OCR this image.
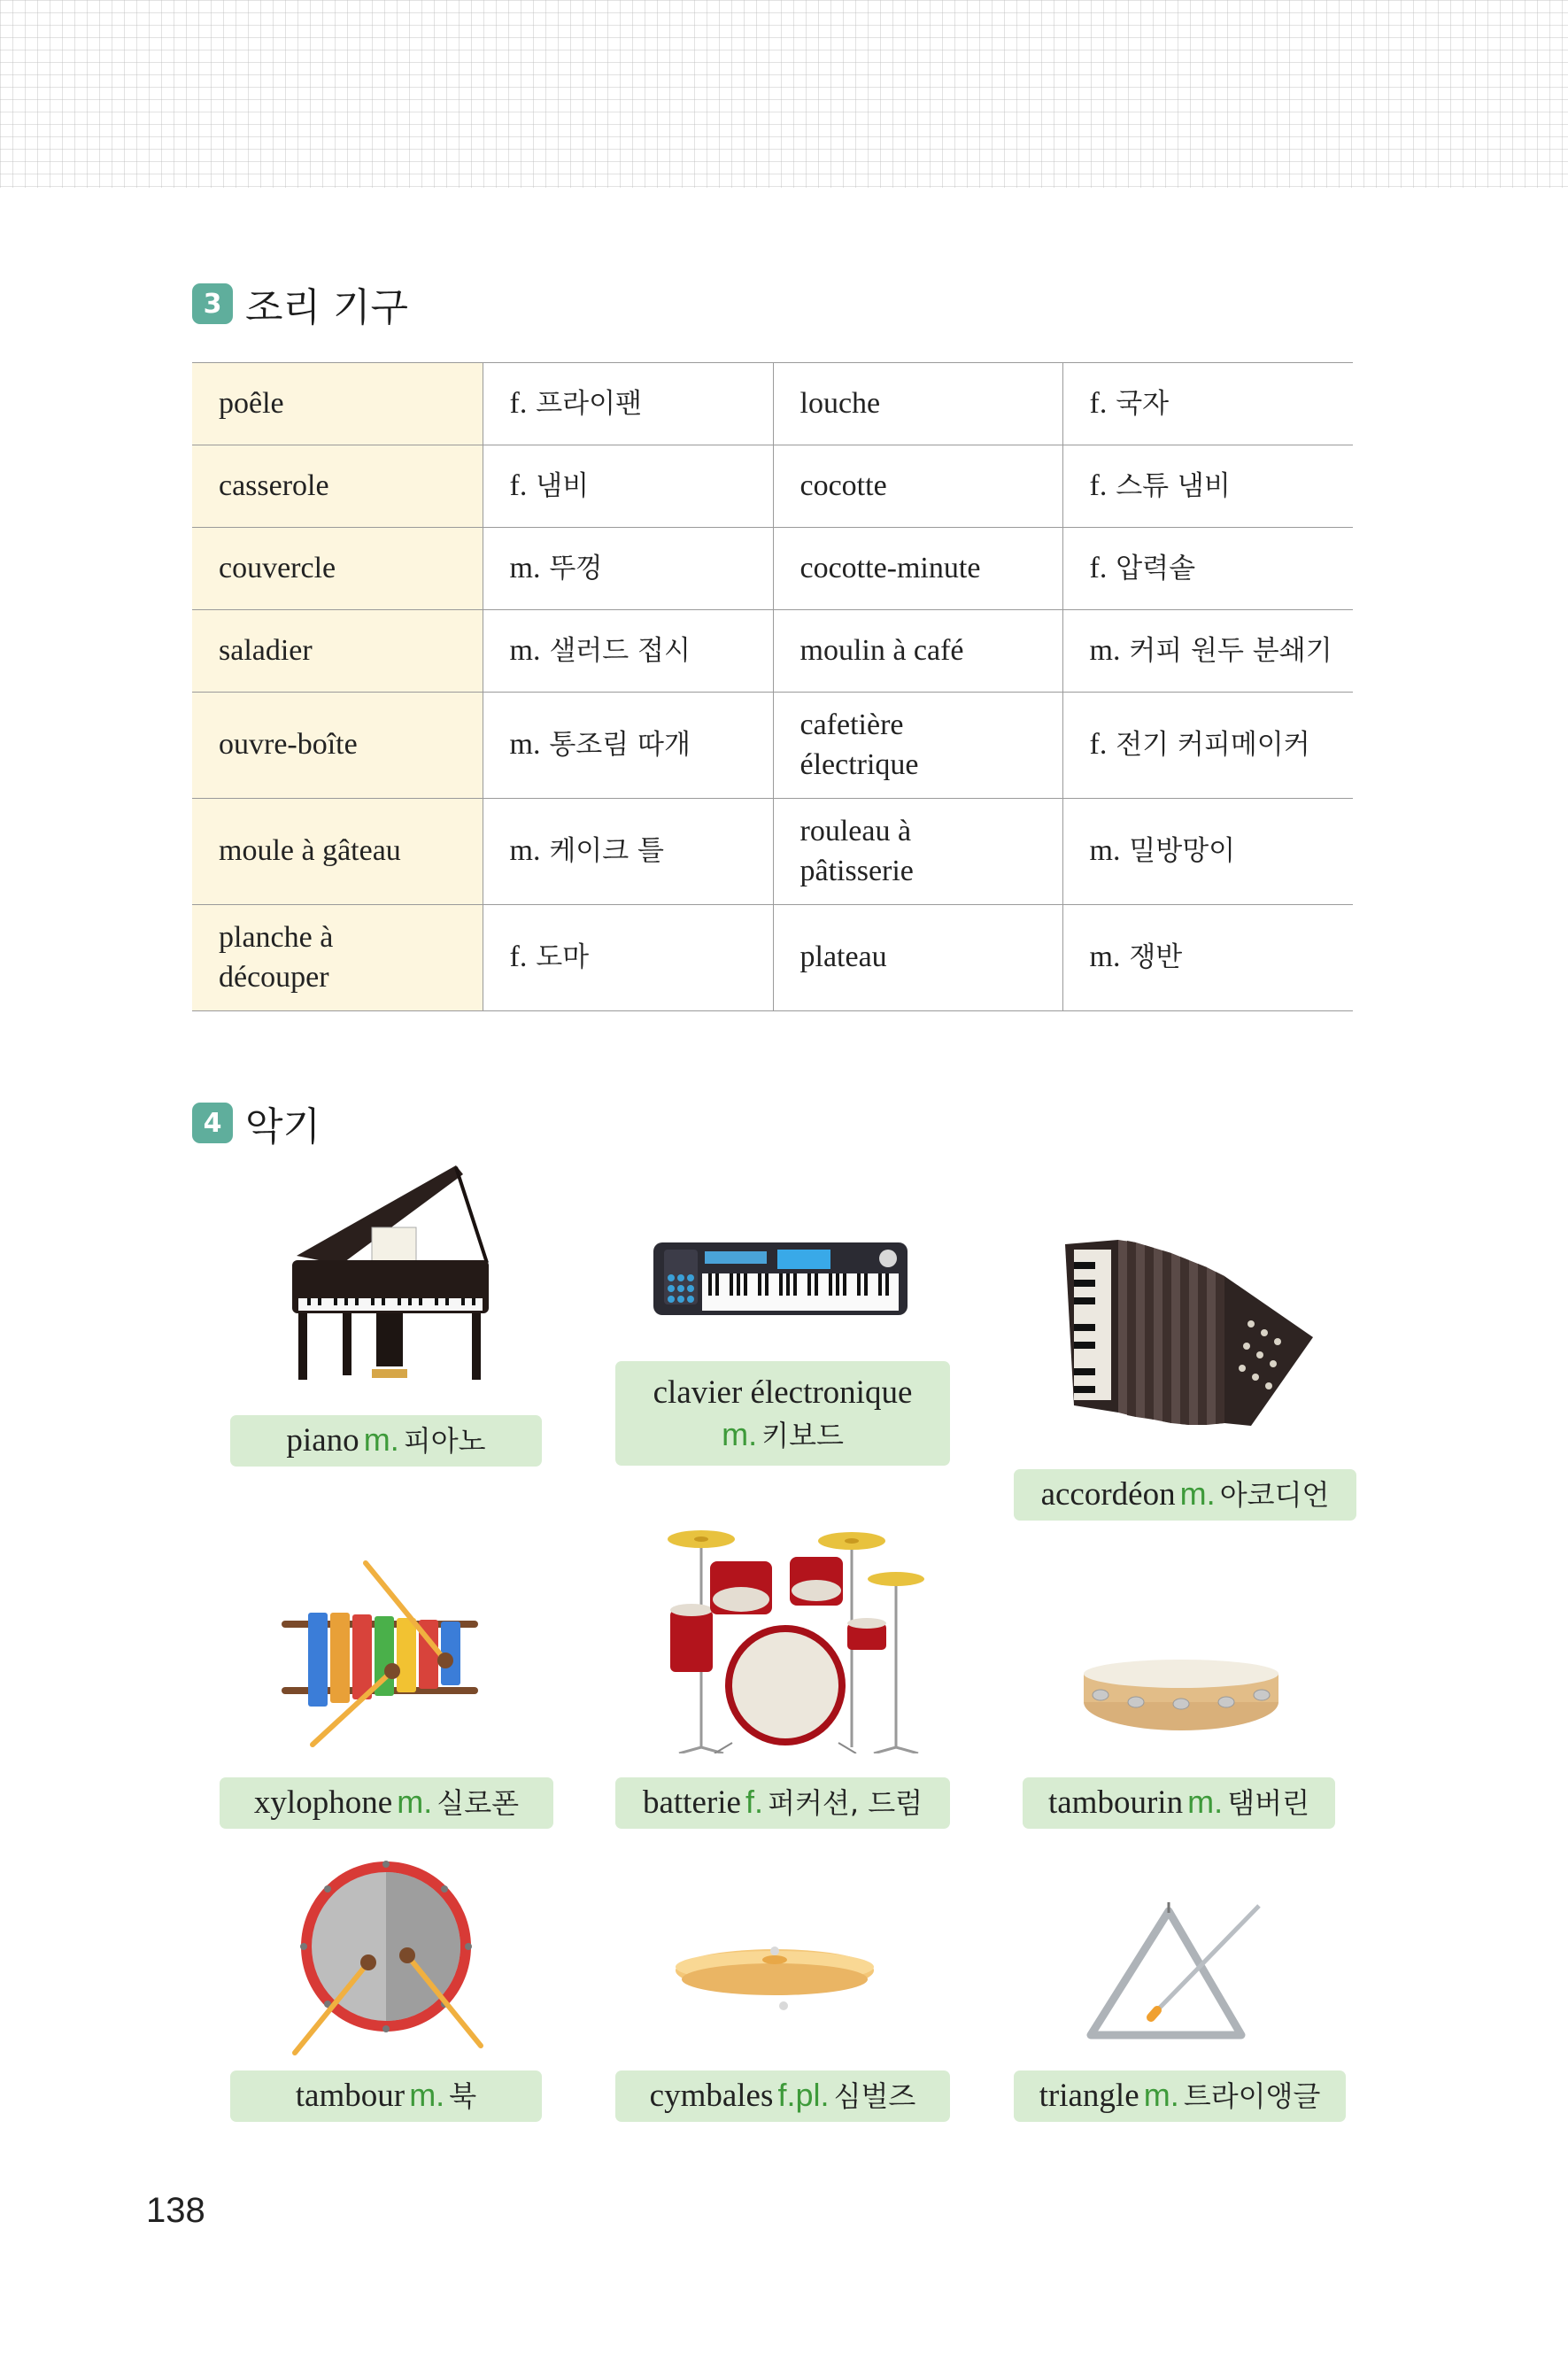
3 조리 기구
poêle	f. 프라이팬	louche	f. 국자
casserole	f. 냄비	cocotte	f. 스튜 냄비
couvercle	m. 뚜껑	cocotte-minute	f. 압력솥
saladier	m. 샐러드 접시	moulin à café	m. 커피 원두 분쇄기
ouvre-boîte	m. 통조림 따개	cafetière électrique	f. 전기 커피메이커
moule à gâteau	m. 케이크 틀	rouleau à pâtisserie	m. 밀방망이
planche à découper	f. 도마	plateau	m. 쟁반
4 악기
piano m. 피아노
clavier électronique
m. 키보드
accordéon m. 아코디언
xylophone m. 실로폰	batterie f. 퍼커션, 드럼	tambourin m. 탬버린
tambour m. 북	cymbales f.pl. 심벌즈	triangle m. 트라이앵글
138
